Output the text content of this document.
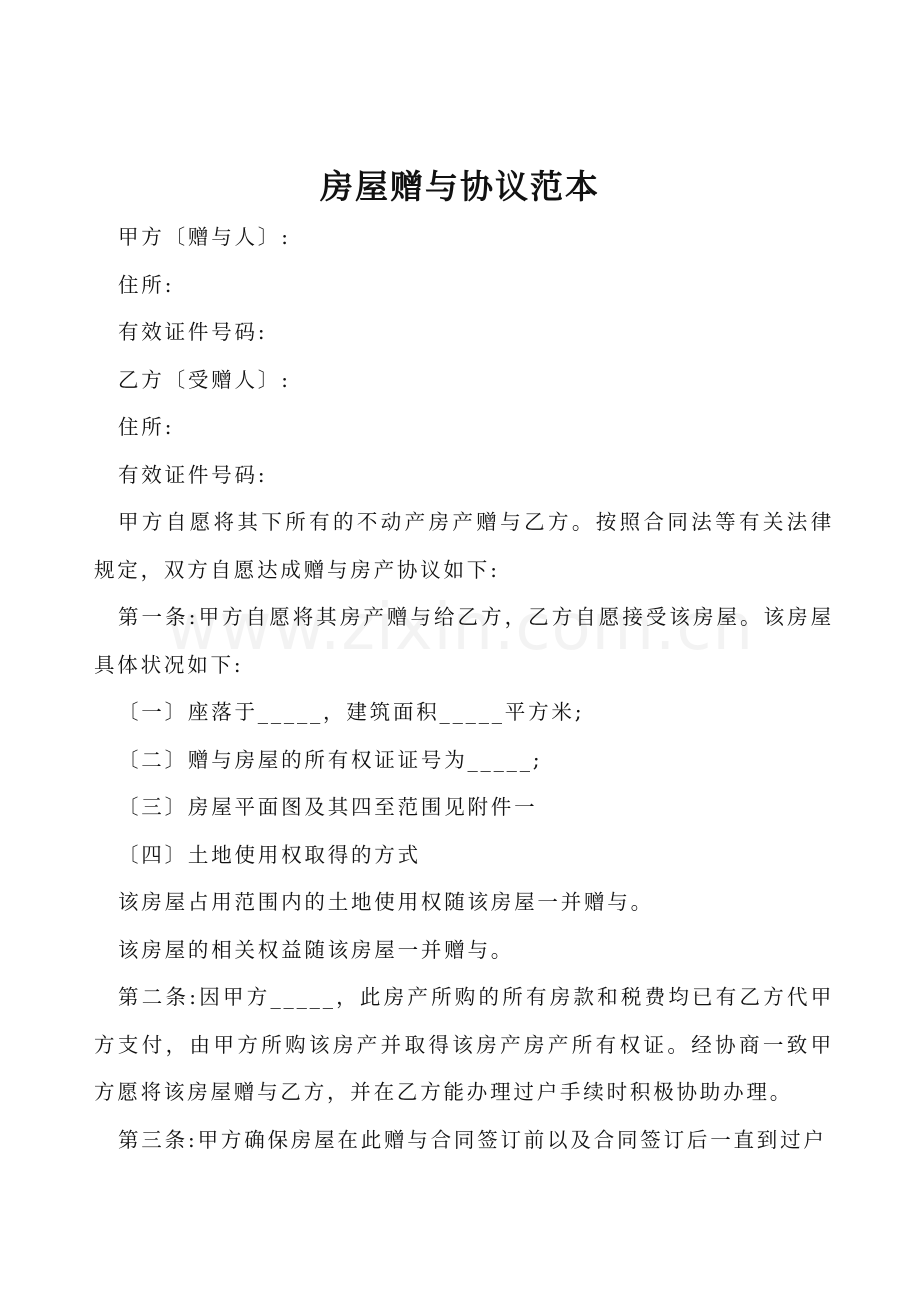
房屋赠与协议范本

甲方〔赠与人〕:

住所:

有效证件号码:

乙方〔受赠人〕:

住所:

有效证件号码:

甲方自愿将其下所有的不动产房产赠与乙方。按照合同法等有关法律规定，双方自愿达成赠与房产协议如下:

第一条:甲方自愿将其房产赠与给乙方，乙方自愿接受该房屋。该房屋具体状况如下:

〔一〕座落于_____，建筑面积_____平方米;

〔二〕赠与房屋的所有权证证号为_____;

〔三〕房屋平面图及其四至范围见附件一

〔四〕土地使用权取得的方式

该房屋占用范围内的土地使用权随该房屋一并赠与。

该房屋的相关权益随该房屋一并赠与。

第二条:因甲方_____，此房产所购的所有房款和税费均已有乙方代甲方支付，由甲方所购该房产并取得该房产房产所有权证。经协商一致甲方愿将该房屋赠与乙方，并在乙方能办理过户手续时积极协助办理。

第三条:甲方确保房屋在此赠与合同签订前以及合同签订后一直到过户
